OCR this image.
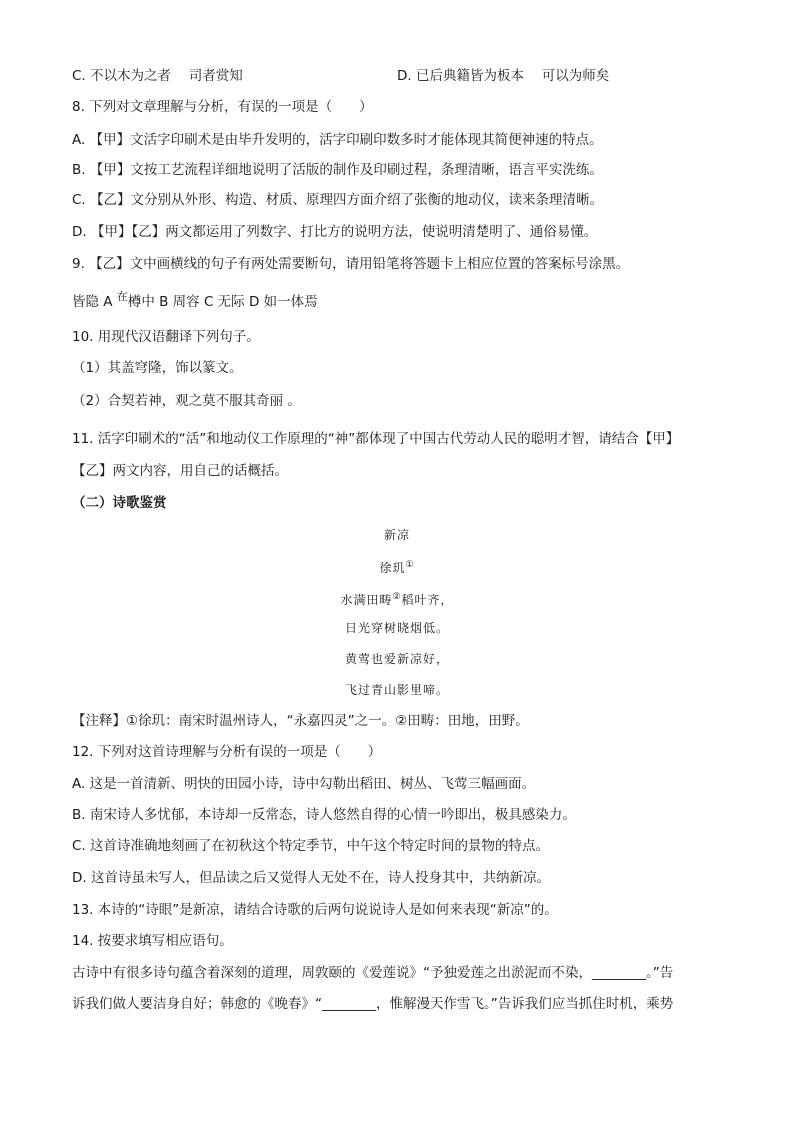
C. 不以木为之者　 司者赏知	D. 已后典籍皆为板本　 可以为师矣
8. 下列对文章理解与分析，有误的一项是（　　）
A. 【甲】文活字印刷术是由毕升发明的，活字印刷印数多时才能体现其简便神速的特点。
B. 【甲】文按工艺流程详细地说明了活版的制作及印刷过程，条理清晰，语言平实洗练。
C. 【乙】文分别从外形、构造、材质、原理四方面介绍了张衡的地动仪，读来条理清晰。
D. 【甲】【乙】两文都运用了列数字、打比方的说明方法，使说明清楚明了、通俗易懂。
9. 【乙】文中画横线的句子有两处需要断句，请用铅笔将答题卡上相应位置的答案标号涂黑。
皆隐 A $^在$樽中 B 周容 C 无际 D 如一体焉
10. 用现代汉语翻译下列句子。
（1）其盖穹隆，饰以篆文。
（2）合契若神，观之莫不服其奇丽 。
11. 活字印刷术的“活”和地动仪工作原理的“神”都体现了中国古代劳动人民的聪明才智，请结合【甲】
【乙】两文内容，用自己的话概括。
（二）诗歌鉴赏
新凉
徐玑①
水满田畴②稻叶齐，
日光穿树晓烟低。
黄莺也爱新凉好，
飞过青山影里啼。
【注释】①徐玑：南宋时温州诗人，“永嘉四灵”之一。②田畴：田地，田野。
12. 下列对这首诗理解与分析有误的一项是（　　）
A. 这是一首清新、明快的田园小诗，诗中勾勒出稻田、树丛、飞莺三幅画面。
B. 南宋诗人多忧郁，本诗却一反常态，诗人悠然自得的心情一吟即出，极具感染力。
C. 这首诗准确地刻画了在初秋这个特定季节，中午这个特定时间的景物的特点。
D. 这首诗虽未写人，但品读之后又觉得人无处不在，诗人投身其中，共纳新凉。
13. 本诗的“诗眼”是新凉，请结合诗歌的后两句说说诗人是如何来表现“新凉”的。
14. 按要求填写相应语句。
古诗中有很多诗句蕴含着深刻的道理，周敦颐的《爱莲说》“予独爱莲之出淤泥而不染，________。”告
诉我们做人要洁身自好；韩愈的《晚春》“________，惟解漫天作雪飞。”告诉我们应当抓住时机，乘势
